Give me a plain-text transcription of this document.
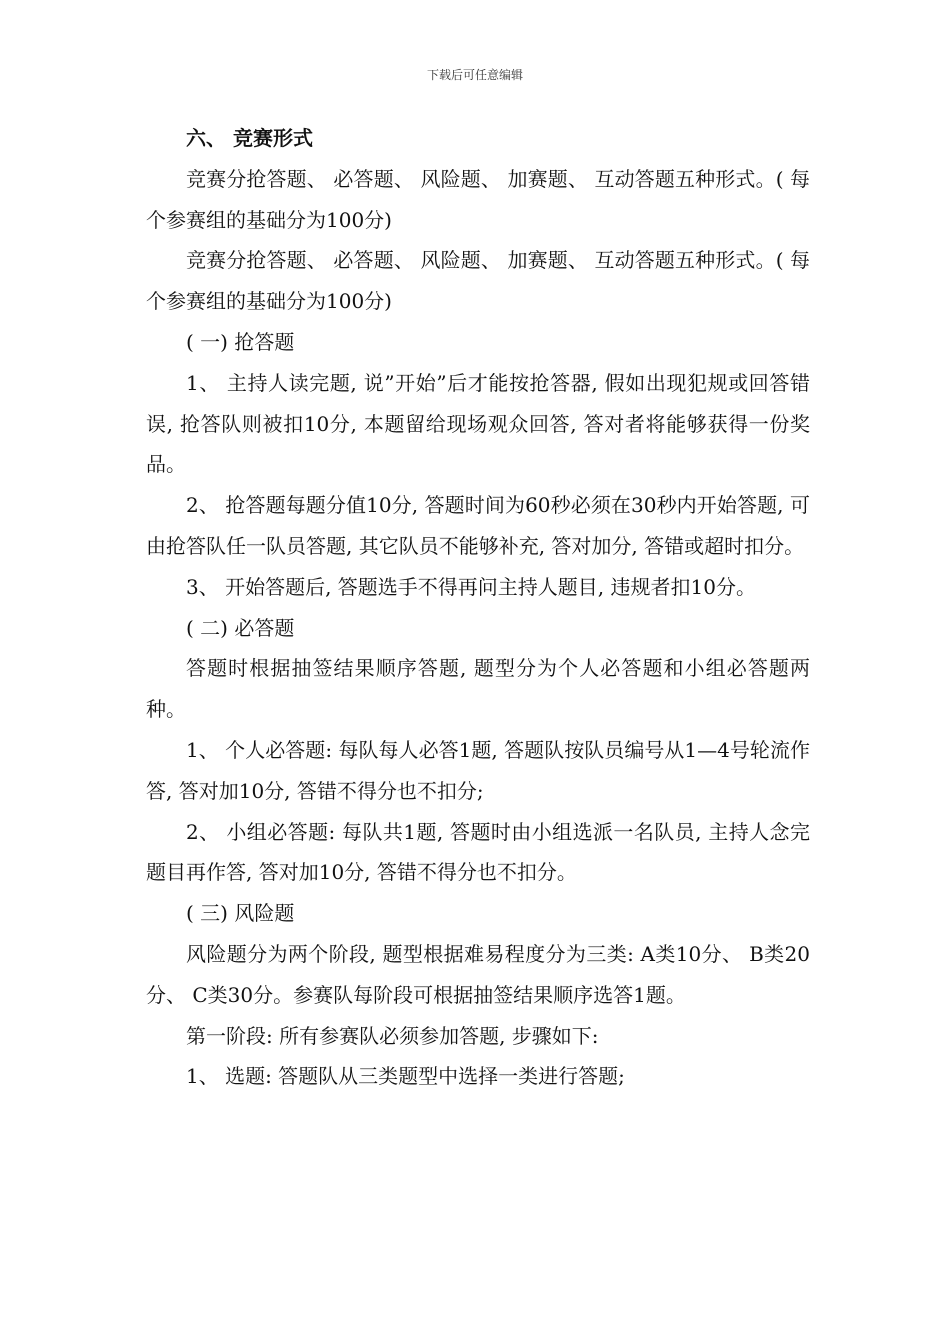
下载后可任意编辑

六、 竞赛形式

竞赛分抢答题、 必答题、 风险题、 加赛题、 互动答题五种形式。( 每个参赛组的基础分为100分)

竞赛分抢答题、 必答题、 风险题、 加赛题、 互动答题五种形式。( 每个参赛组的基础分为100分)

( 一) 抢答题

1、 主持人读完题, 说”开始”后才能按抢答器, 假如出现犯规或回答错误, 抢答队则被扣10分, 本题留给现场观众回答, 答对者将能够获得一份奖品。

2、 抢答题每题分值10分, 答题时间为60秒必须在30秒内开始答题, 可由抢答队任一队员答题, 其它队员不能够补充, 答对加分, 答错或超时扣分。

3、 开始答题后, 答题选手不得再问主持人题目, 违规者扣10分。

( 二) 必答题

答题时根据抽签结果顺序答题, 题型分为个人必答题和小组必答题两种。

1、 个人必答题: 每队每人必答1题, 答题队按队员编号从1—4号轮流作答, 答对加10分, 答错不得分也不扣分;

2、 小组必答题: 每队共1题, 答题时由小组选派一名队员, 主持人念完题目再作答, 答对加10分, 答错不得分也不扣分。

( 三) 风险题

风险题分为两个阶段, 题型根据难易程度分为三类: A类10分、 B类20分、 C类30分。参赛队每阶段可根据抽签结果顺序选答1题。

第一阶段: 所有参赛队必须参加答题, 步骤如下:

1、 选题: 答题队从三类题型中选择一类进行答题;
